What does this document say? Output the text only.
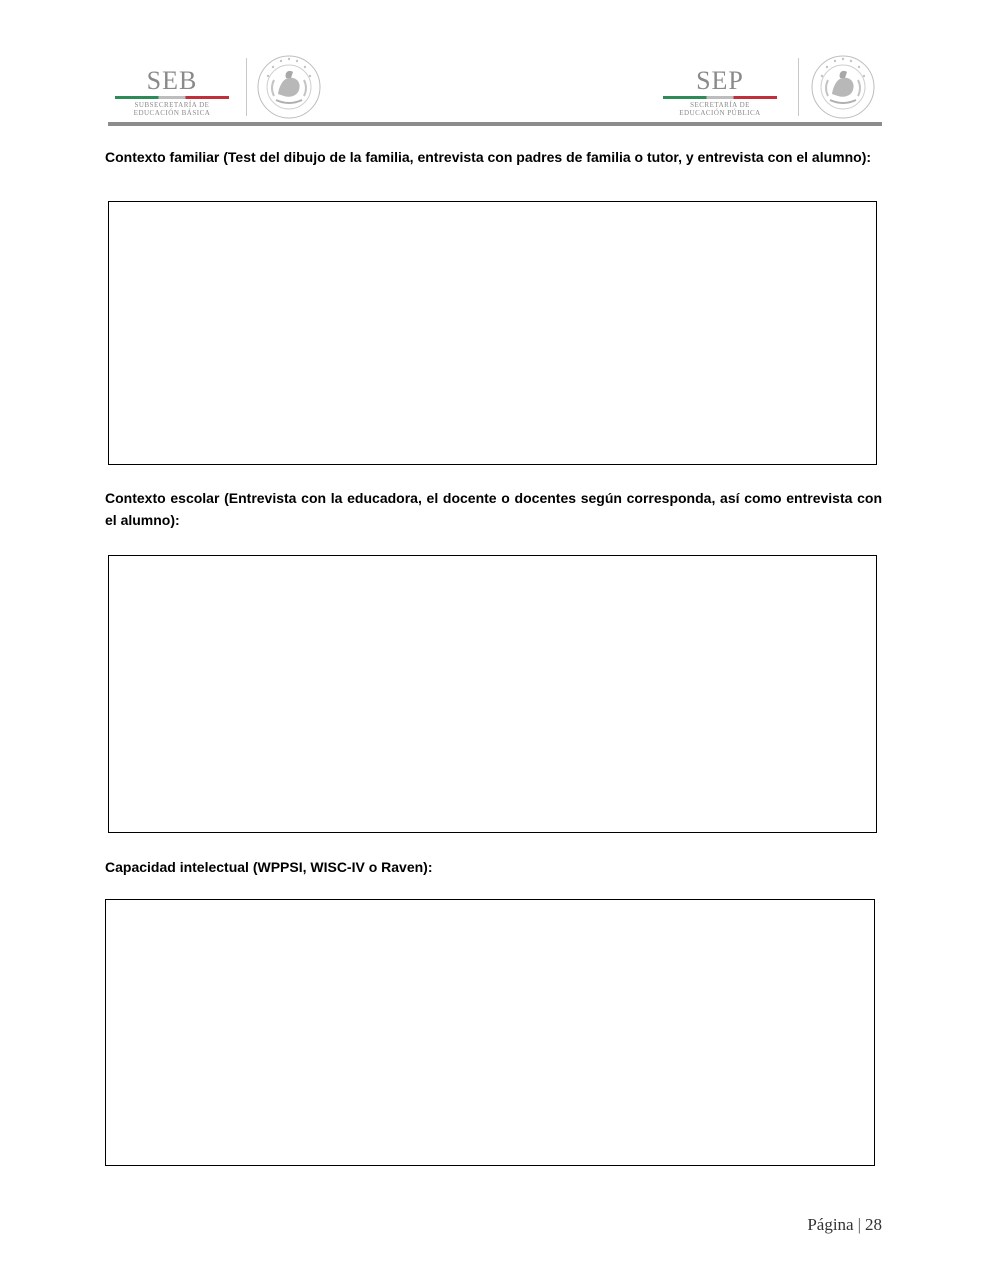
SEB
SUBSECRETARÍA DE
EDUCACIÓN BÁSICA
SEP
SECRETARÍA DE
EDUCACIÓN PÚBLICA
Contexto familiar (Test del dibujo de la familia, entrevista con padres de familia o tutor, y entrevista con el alumno):
Contexto escolar (Entrevista con la educadora, el docente o docentes según corresponda, así como entrevista con el alumno):
Capacidad intelectual (WPPSI, WISC-IV o Raven):
Página | 28
